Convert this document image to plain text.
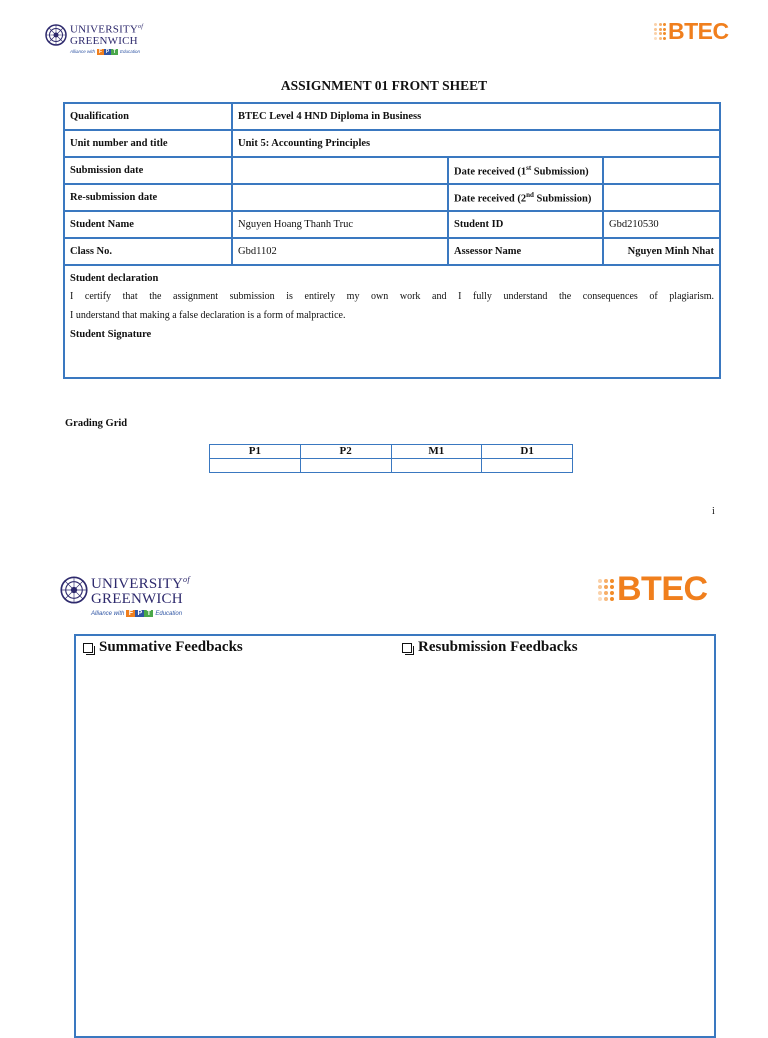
$UNIVERSITY^{of}$
GREENWICH
Alliance with F P T Education
BTEC
ASSIGNMENT 01 FRONT SHEET
Qualification	BTEC Level 4 HND Diploma in Business		
Unit number and title	Unit 5: Accounting Principles		
Submission date		Date received (1st Submission)	
Re-submission date		Date received (2nd Submission)	
Student Name	Nguyen Hoang Thanh Truc	Student ID	Gbd210530
Class No.	Gbd1102	Assessor Name	Nguyen Minh Nhat

Student declaration

I certify that the assignment submission is entirely my own work and I fully understand the consequences of plagiarism.

I understand that making a false declaration is a form of malpractice.

Student Signature			

Grading Grid
P1	P2	M1	D1

i
$UNIVERSITY^{of}$
GREENWICH
Alliance with F P T Education
BTEC
Summative Feedbacks	Resubmission Feedbacks
